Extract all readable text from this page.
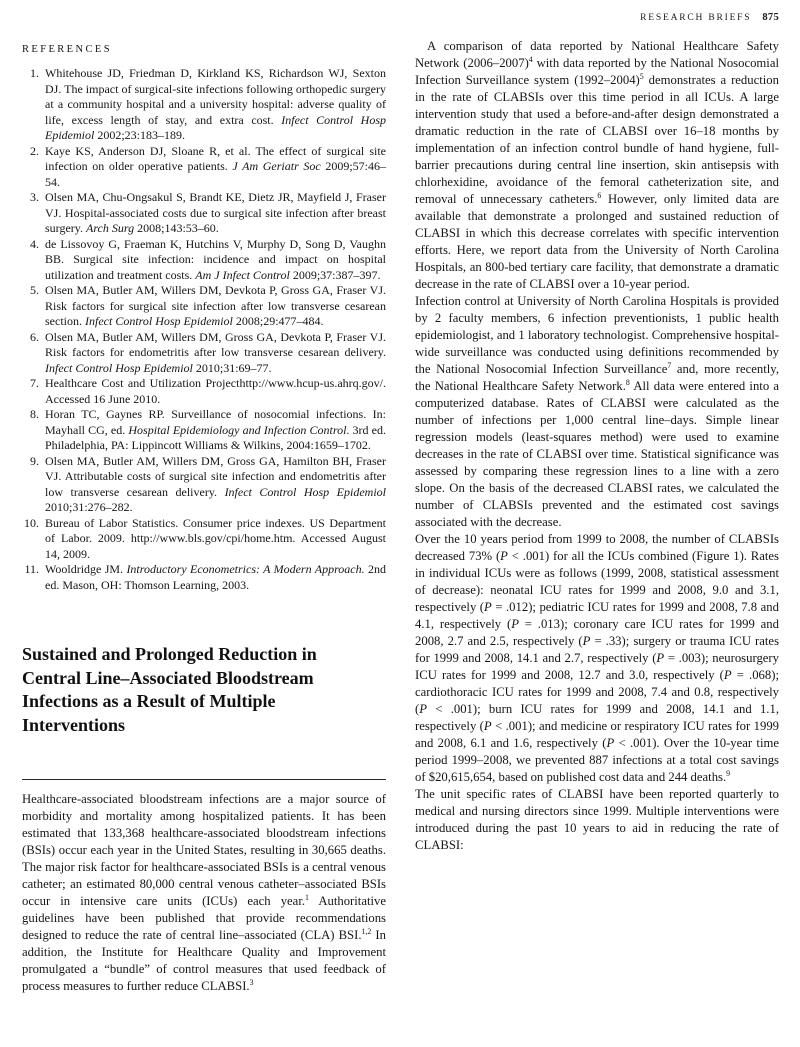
RESEARCH BRIEFS 875
REFERENCES
1. Whitehouse JD, Friedman D, Kirkland KS, Richardson WJ, Sexton DJ. The impact of surgical-site infections following orthopedic surgery at a community hospital and a university hospital: adverse quality of life, excess length of stay, and extra cost. Infect Control Hosp Epidemiol 2002;23:183–189.
2. Kaye KS, Anderson DJ, Sloane R, et al. The effect of surgical site infection on older operative patients. J Am Geriatr Soc 2009;57:46–54.
3. Olsen MA, Chu-Ongsakul S, Brandt KE, Dietz JR, Mayfield J, Fraser VJ. Hospital-associated costs due to surgical site infection after breast surgery. Arch Surg 2008;143:53–60.
4. de Lissovoy G, Fraeman K, Hutchins V, Murphy D, Song D, Vaughn BB. Surgical site infection: incidence and impact on hospital utilization and treatment costs. Am J Infect Control 2009;37:387–397.
5. Olsen MA, Butler AM, Willers DM, Devkota P, Gross GA, Fraser VJ. Risk factors for surgical site infection after low transverse cesarean section. Infect Control Hosp Epidemiol 2008;29:477–484.
6. Olsen MA, Butler AM, Willers DM, Gross GA, Devkota P, Fraser VJ. Risk factors for endometritis after low transverse cesarean delivery. Infect Control Hosp Epidemiol 2010;31:69–77.
7. Healthcare Cost and Utilization Projecthttp://www.hcup-us.ahrq.gov/. Accessed 16 June 2010.
8. Horan TC, Gaynes RP. Surveillance of nosocomial infections. In: Mayhall CG, ed. Hospital Epidemiology and Infection Control. 3rd ed. Philadelphia, PA: Lippincott Williams & Wilkins, 2004:1659–1702.
9. Olsen MA, Butler AM, Willers DM, Gross GA, Hamilton BH, Fraser VJ. Attributable costs of surgical site infection and endometritis after low transverse cesarean delivery. Infect Control Hosp Epidemiol 2010;31:276–282.
10. Bureau of Labor Statistics. Consumer price indexes. US Department of Labor. 2009. http://www.bls.gov/cpi/home.htm. Accessed August 14, 2009.
11. Wooldridge JM. Introductory Econometrics: A Modern Approach. 2nd ed. Mason, OH: Thomson Learning, 2003.
Sustained and Prolonged Reduction in Central Line–Associated Bloodstream Infections as a Result of Multiple Interventions

Healthcare-associated bloodstream infections are a major source of morbidity and mortality among hospitalized patients. It has been estimated that 133,368 healthcare-associated bloodstream infections (BSIs) occur each year in the United States, resulting in 30,665 deaths. The major risk factor for healthcare-associated BSIs is a central venous catheter; an estimated 80,000 central venous catheter–associated BSIs occur in intensive care units (ICUs) each year.$^1$ Authoritative guidelines have been published that provide recommendations designed to reduce the rate of central line–associated (CLA) BSI.$^{1,2}$ In addition, the Institute for Healthcare Quality and Improvement promulgated a “bundle” of control measures that used feedback of process measures to further reduce CLABSI.$^3$

A comparison of data reported by National Healthcare Safety Network (2006–2007)$^4$ with data reported by the National Nosocomial Infection Surveillance system (1992–2004)$^5$ demonstrates a reduction in the rate of CLABSIs over this time period in all ICUs. A large intervention study that used a before-and-after design demonstrated a dramatic reduction in the rate of CLABSI over 16–18 months by implementation of an infection control bundle of hand hygiene, full-barrier precautions during central line insertion, skin antisepsis with chlorhexidine, avoidance of the femoral catheterization site, and removal of unnecessary catheters.$^6$ However, only limited data are available that demonstrate a prolonged and sustained reduction of CLABSI in which this decrease correlates with specific intervention efforts. Here, we report data from the University of North Carolina Hospitals, an 800-bed tertiary care facility, that demonstrate a dramatic decrease in the rate of CLABSI over a 10-year period.

Infection control at University of North Carolina Hospitals is provided by 2 faculty members, 6 infection preventionists, 1 public health epidemiologist, and 1 laboratory technologist. Comprehensive hospital-wide surveillance was conducted using definitions recommended by the National Nosocomial Infection Surveillance$^7$ and, more recently, the National Healthcare Safety Network.$^8$ All data were entered into a computerized database. Rates of CLABSI were calculated as the number of infections per 1,000 central line–days. Simple linear regression models (least-squares method) were used to examine decreases in the rate of CLABSI over time. Statistical significance was assessed by comparing these regression lines to a line with a zero slope. On the basis of the decreased CLABSI rates, we calculated the number of CLABSIs prevented and the estimated cost savings associated with the decrease.

Over the 10 years period from 1999 to 2008, the number of CLABSIs decreased 73% (P < .001) for all the ICUs combined (Figure 1). Rates in individual ICUs were as follows (1999, 2008, statistical assessment of decrease): neonatal ICU rates for 1999 and 2008, 9.0 and 3.1, respectively (P = .012); pediatric ICU rates for 1999 and 2008, 7.8 and 4.1, respectively (P = .013); coronary care ICU rates for 1999 and 2008, 2.7 and 2.5, respectively (P = .33); surgery or trauma ICU rates for 1999 and 2008, 14.1 and 2.7, respectively (P = .003); neurosurgery ICU rates for 1999 and 2008, 12.7 and 3.0, respectively (P = .068); cardiothoracic ICU rates for 1999 and 2008, 7.4 and 0.8, respectively (P < .001); burn ICU rates for 1999 and 2008, 14.1 and 1.1, respectively (P < .001); and medicine or respiratory ICU rates for 1999 and 2008, 6.1 and 1.6, respectively (P < .001). Over the 10-year time period 1999–2008, we prevented 887 infections at a total cost savings of $20,615,654, based on published cost data and 244 deaths.$^9$

The unit specific rates of CLABSI have been reported quarterly to medical and nursing directors since 1999. Multiple interventions were introduced during the past 10 years to aid in reducing the rate of CLABSI:
